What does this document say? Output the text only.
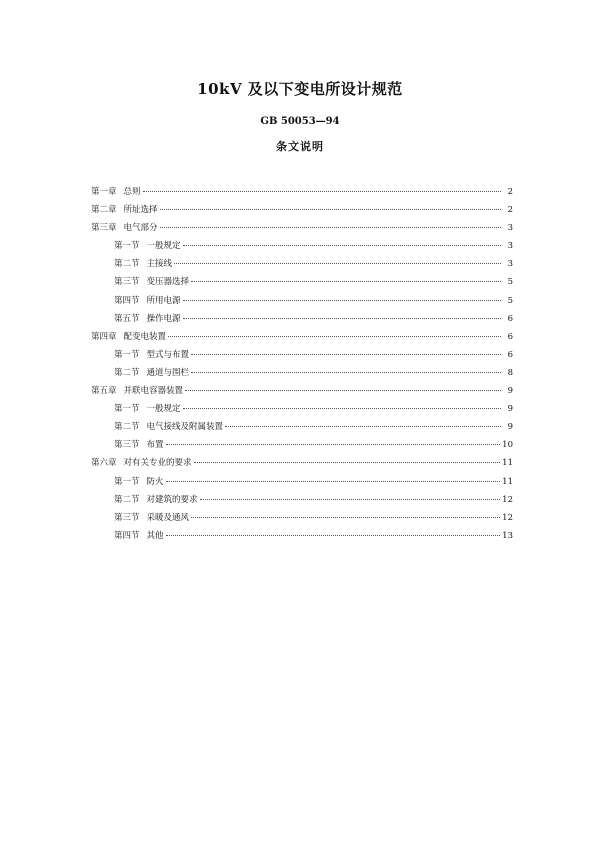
10kV 及以下变电所设计规范
GB 50053—94
条文说明
第一章 总则	2
第二章 所址选择	2
第三章 电气部分	3
第一节 一般规定	3
第二节 主接线	3
第三节 变压器选择	5
第四节 所用电源	5
第五节 操作电源	6
第四章 配变电装置	6
第一节 型式与布置	6
第二节 通道与围栏	8
第五章 并联电容器装置	9
第一节 一般规定	9
第二节 电气接线及附属装置	9
第三节 布置	10
第六章 对有关专业的要求	11
第一节 防火	11
第二节 对建筑的要求	12
第三节 采暖及通风	12
第四节 其他	13
